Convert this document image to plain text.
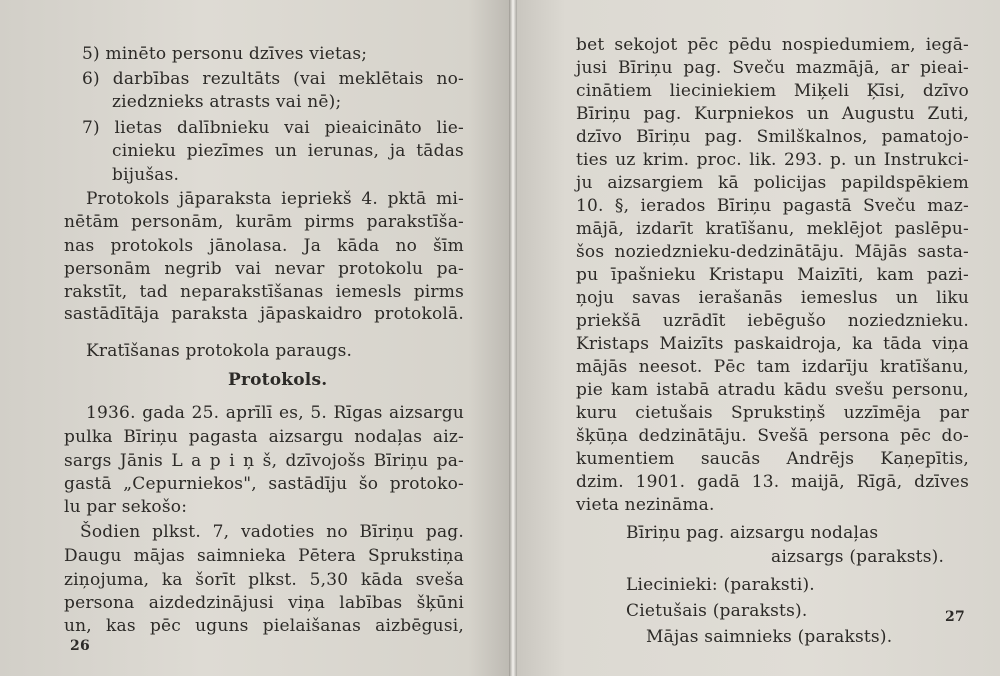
5) minēto personu dzīves vietas;
6) darbības rezultāts (vai meklētais no-
ziedznieks atrasts vai nē);
7) lietas dalībnieku vai pieaicināto lie-
cinieku piezīmes un ierunas, ja tādas
bijušas.
Protokols jāparaksta iepriekš 4. pktā mi-
nētām personām, kurām pirms parakstīša-
nas protokols jānolasa. Ja kāda no šīm
personām negrib vai nevar protokolu pa-
rakstīt, tad neparakstīšanas iemesls pirms
sastādītāja paraksta jāpaskaidro protokolā.
Kratīšanas protokola paraugs.
Protokols.
1936. gada 25. aprīlī es, 5. Rīgas aizsargu
pulka Bīriņu pagasta aizsargu nodaļas aiz-
sargs Jānis L a p i ņ š, dzīvojošs Bīriņu pa-
gastā „Cepurniekos", sastādīju šo protoko-
lu par sekošo:
Šodien plkst. 7, vadoties no Bīriņu pag.
Daugu mājas saimnieka Pētera Sprukstiņa
ziņojuma, ka šorīt plkst. 5,30 kāda sveša
persona aizdedzinājusi viņa labības šķūni
un, kas pēc uguns pielaišanas aizbēgusi,
26
bet sekojot pēc pēdu nospiedumiem, iegā-
jusi Bīriņu pag. Sveču mazmājā, ar pieai-
cinātiem lieciniekiem Miķeli Ķīsi, dzīvo
Bīriņu pag. Kurpniekos un Augustu Zuti,
dzīvo Bīriņu pag. Smilškalnos, pamatojo-
ties uz krim. proc. lik. 293. p. un Instrukci-
ju aizsargiem kā policijas papildspēkiem
10. §, ierados Bīriņu pagastā Sveču maz-
mājā, izdarīt kratīšanu, meklējot paslēpu-
šos noziedznieku-dedzinātāju. Mājās sasta-
pu īpašnieku Kristapu Maizīti, kam pazi-
ņoju savas ierašanās iemeslus un liku
priekšā uzrādīt iebēgušo noziedznieku.
Kristaps Maizīts paskaidroja, ka tāda viņa
mājās neesot. Pēc tam izdarīju kratīšanu,
pie kam istabā atradu kādu svešu personu,
kuru cietušais Sprukstiņš uzzīmēja par
šķūņa dedzinātāju. Svešā persona pēc do-
kumentiem saucās Andrējs Kaņepītis,
dzim. 1901. gadā 13. maijā, Rīgā, dzīves
vieta nezināma.
Bīriņu pag. aizsargu nodaļas
aizsargs (paraksts).
Liecinieki: (paraksti).
Cietušais (paraksts).
Mājas saimnieks (paraksts).
27
